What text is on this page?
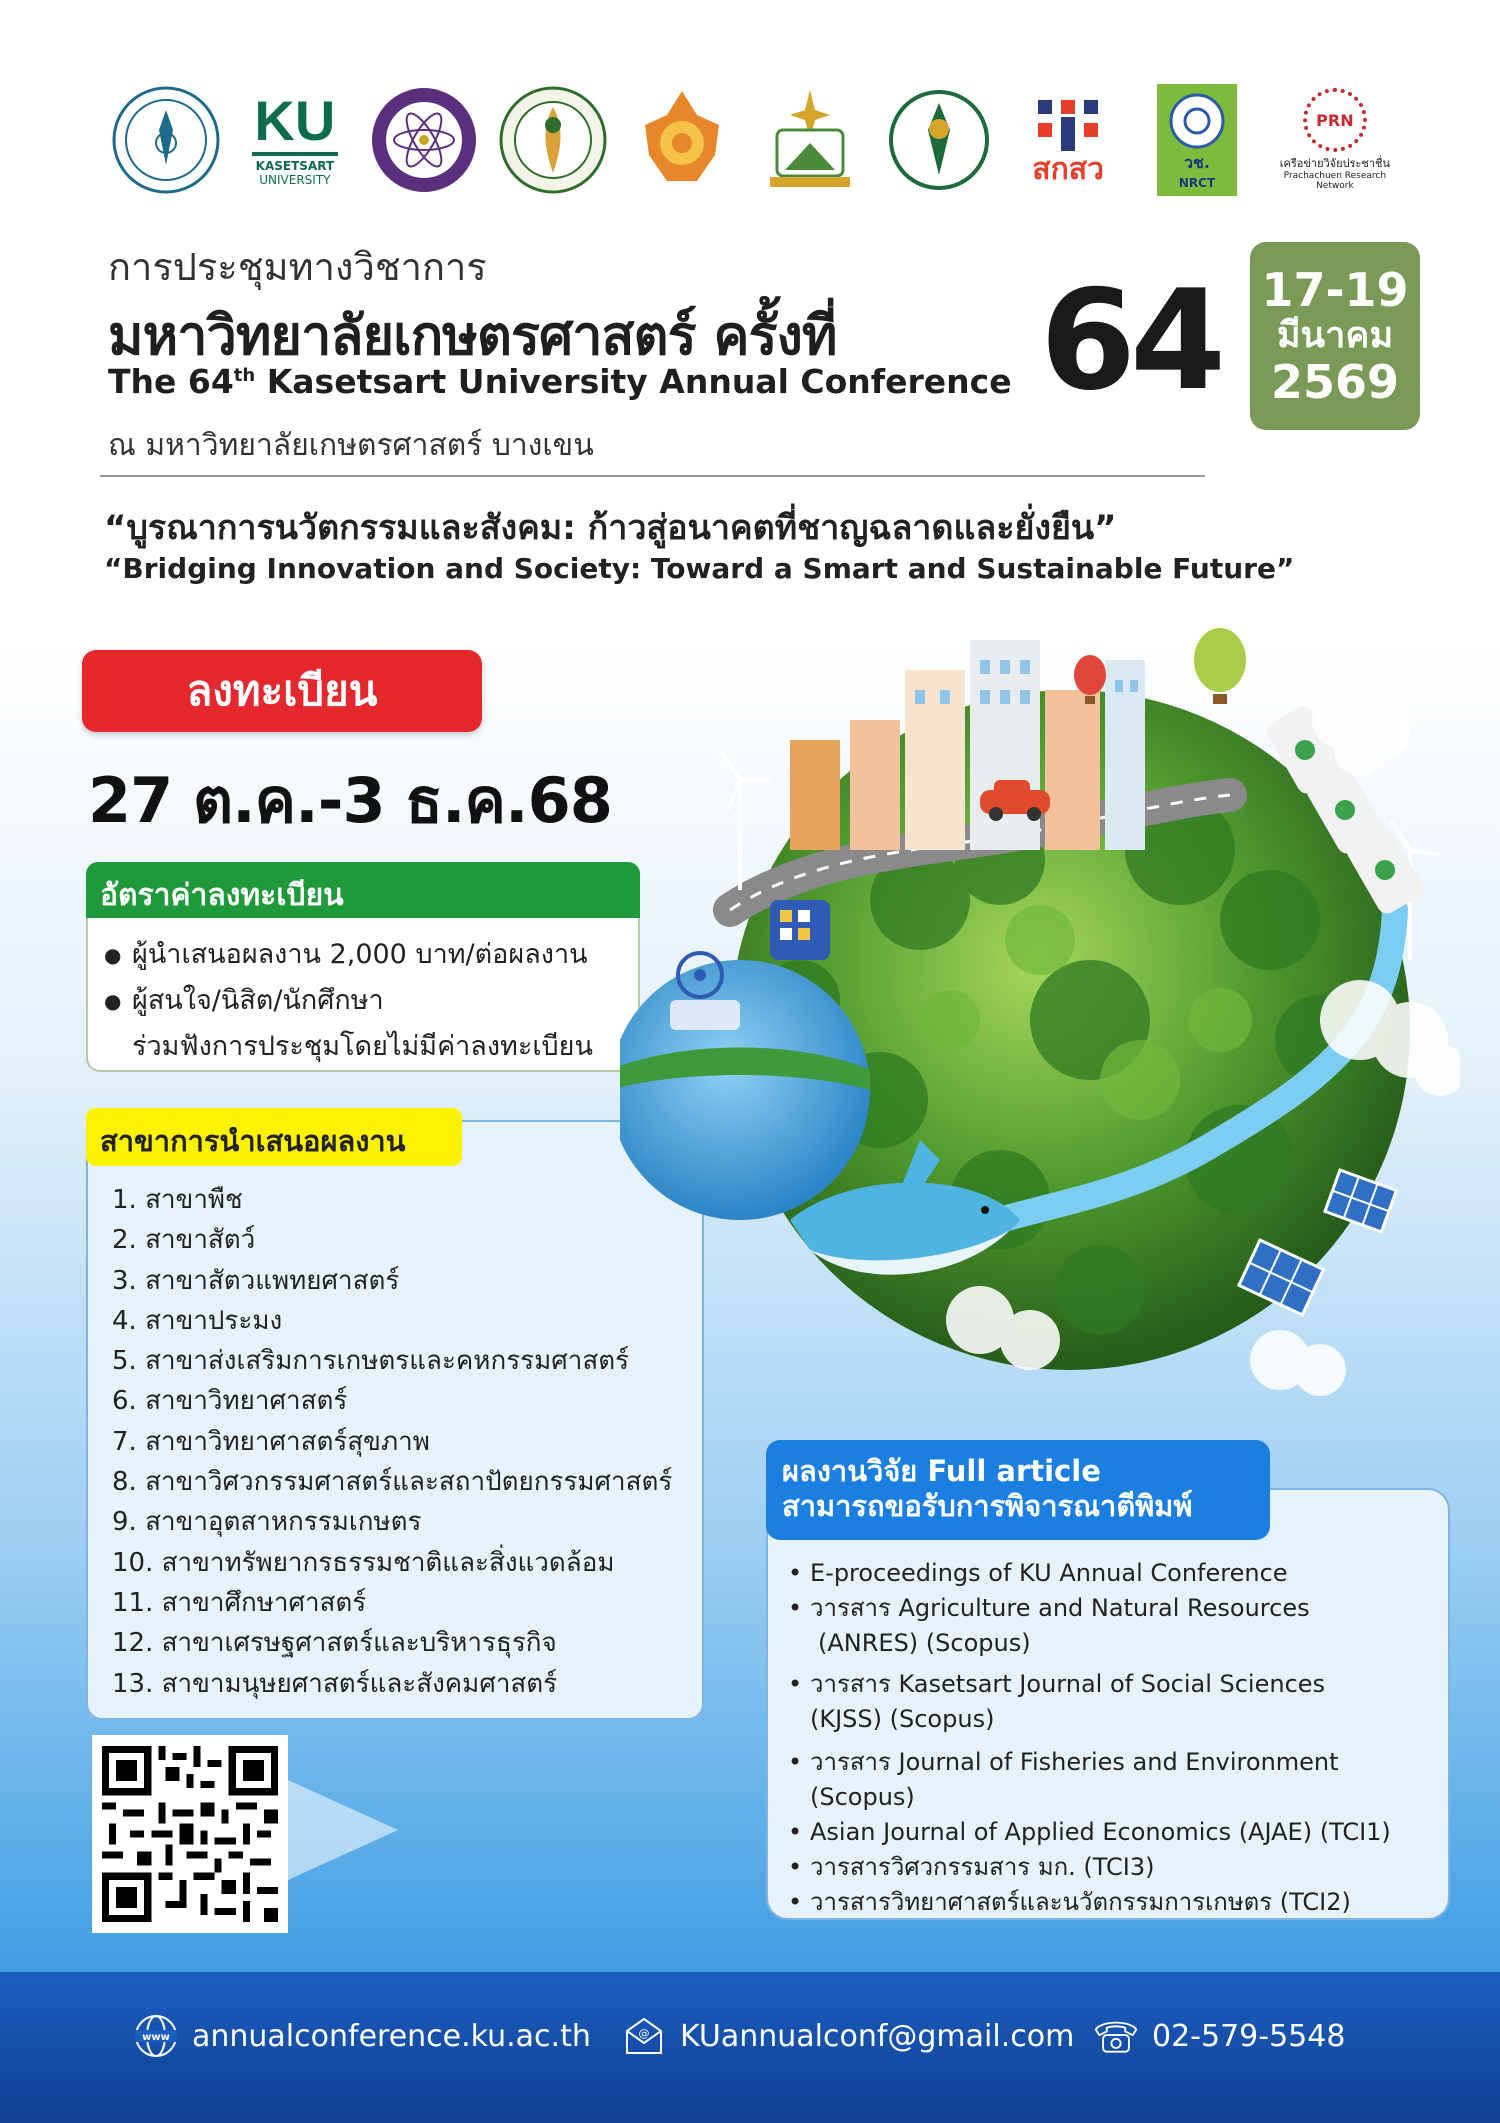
KU
KASETSART
UNIVERSITY	สกสว	วช.
NRCT
PRN
เครือข่ายวิจัยประชาชื่น
Prachachuen Research Network
การประชุมทางวิชาการ
มหาวิทยาลัยเกษตรศาสตร์ ครั้งที่
The 64th Kasetsart University Annual Conference 64 17-19
มีนาคม
2569
ณ มหาวิทยาลัยเกษตรศาสตร์ บางเขน
“บูรณาการนวัตกรรมและสังคม: ก้าวสู่อนาคตที่ชาญฉลาดและยั่งยืน”
“Bridging Innovation and Society: Toward a Smart and Sustainable Future”
ลงทะเบียน
27 ต.ค.-3 ธ.ค.68
อัตราค่าลงทะเบียน
● ผู้นำเสนอผลงาน 2,000 บาท/ต่อผลงาน
● ผู้สนใจ/นิสิต/นักศึกษา
ร่วมฟังการประชุมโดยไม่มีค่าลงทะเบียน
สาขาการนำเสนอผลงาน
1. สาขาพืช
2. สาขาสัตว์
3. สาขาสัตวแพทยศาสตร์
4. สาขาประมง
5. สาขาส่งเสริมการเกษตรและคหกรรมศาสตร์
6. สาขาวิทยาศาสตร์
7. สาขาวิทยาศาสตร์สุขภาพ
8. สาขาวิศวกรรมศาสตร์และสถาปัตยกรรมศาสตร์
9. สาขาอุตสาหกรรมเกษตร
10. สาขาทรัพยากรธรรมชาติและสิ่งแวดล้อม
11. สาขาศึกษาศาสตร์
12. สาขาเศรษฐศาสตร์และบริหารธุรกิจ
13. สาขามนุษยศาสตร์และสังคมศาสตร์
ผลงานวิจัย Full article
สามารถขอรับการพิจารณาตีพิมพ์
• E-proceedings of KU Annual Conference
• วารสาร Agriculture and Natural Resources
(ANRES) (Scopus)
• วารสาร Kasetsart Journal of Social Sciences
(KJSS) (Scopus)
• วารสาร Journal of Fisheries and Environment (Scopus)
• Asian Journal of Applied Economics (AJAE) (TCI1)
• วารสารวิศวกรรมสาร มก. (TCI3)
• วารสารวิทยาศาสตร์และนวัตกรรมการเกษตร (TCI2)
www annualconference.ku.ac.th	@ KUannualconf@gmail.com	02-579-5548
